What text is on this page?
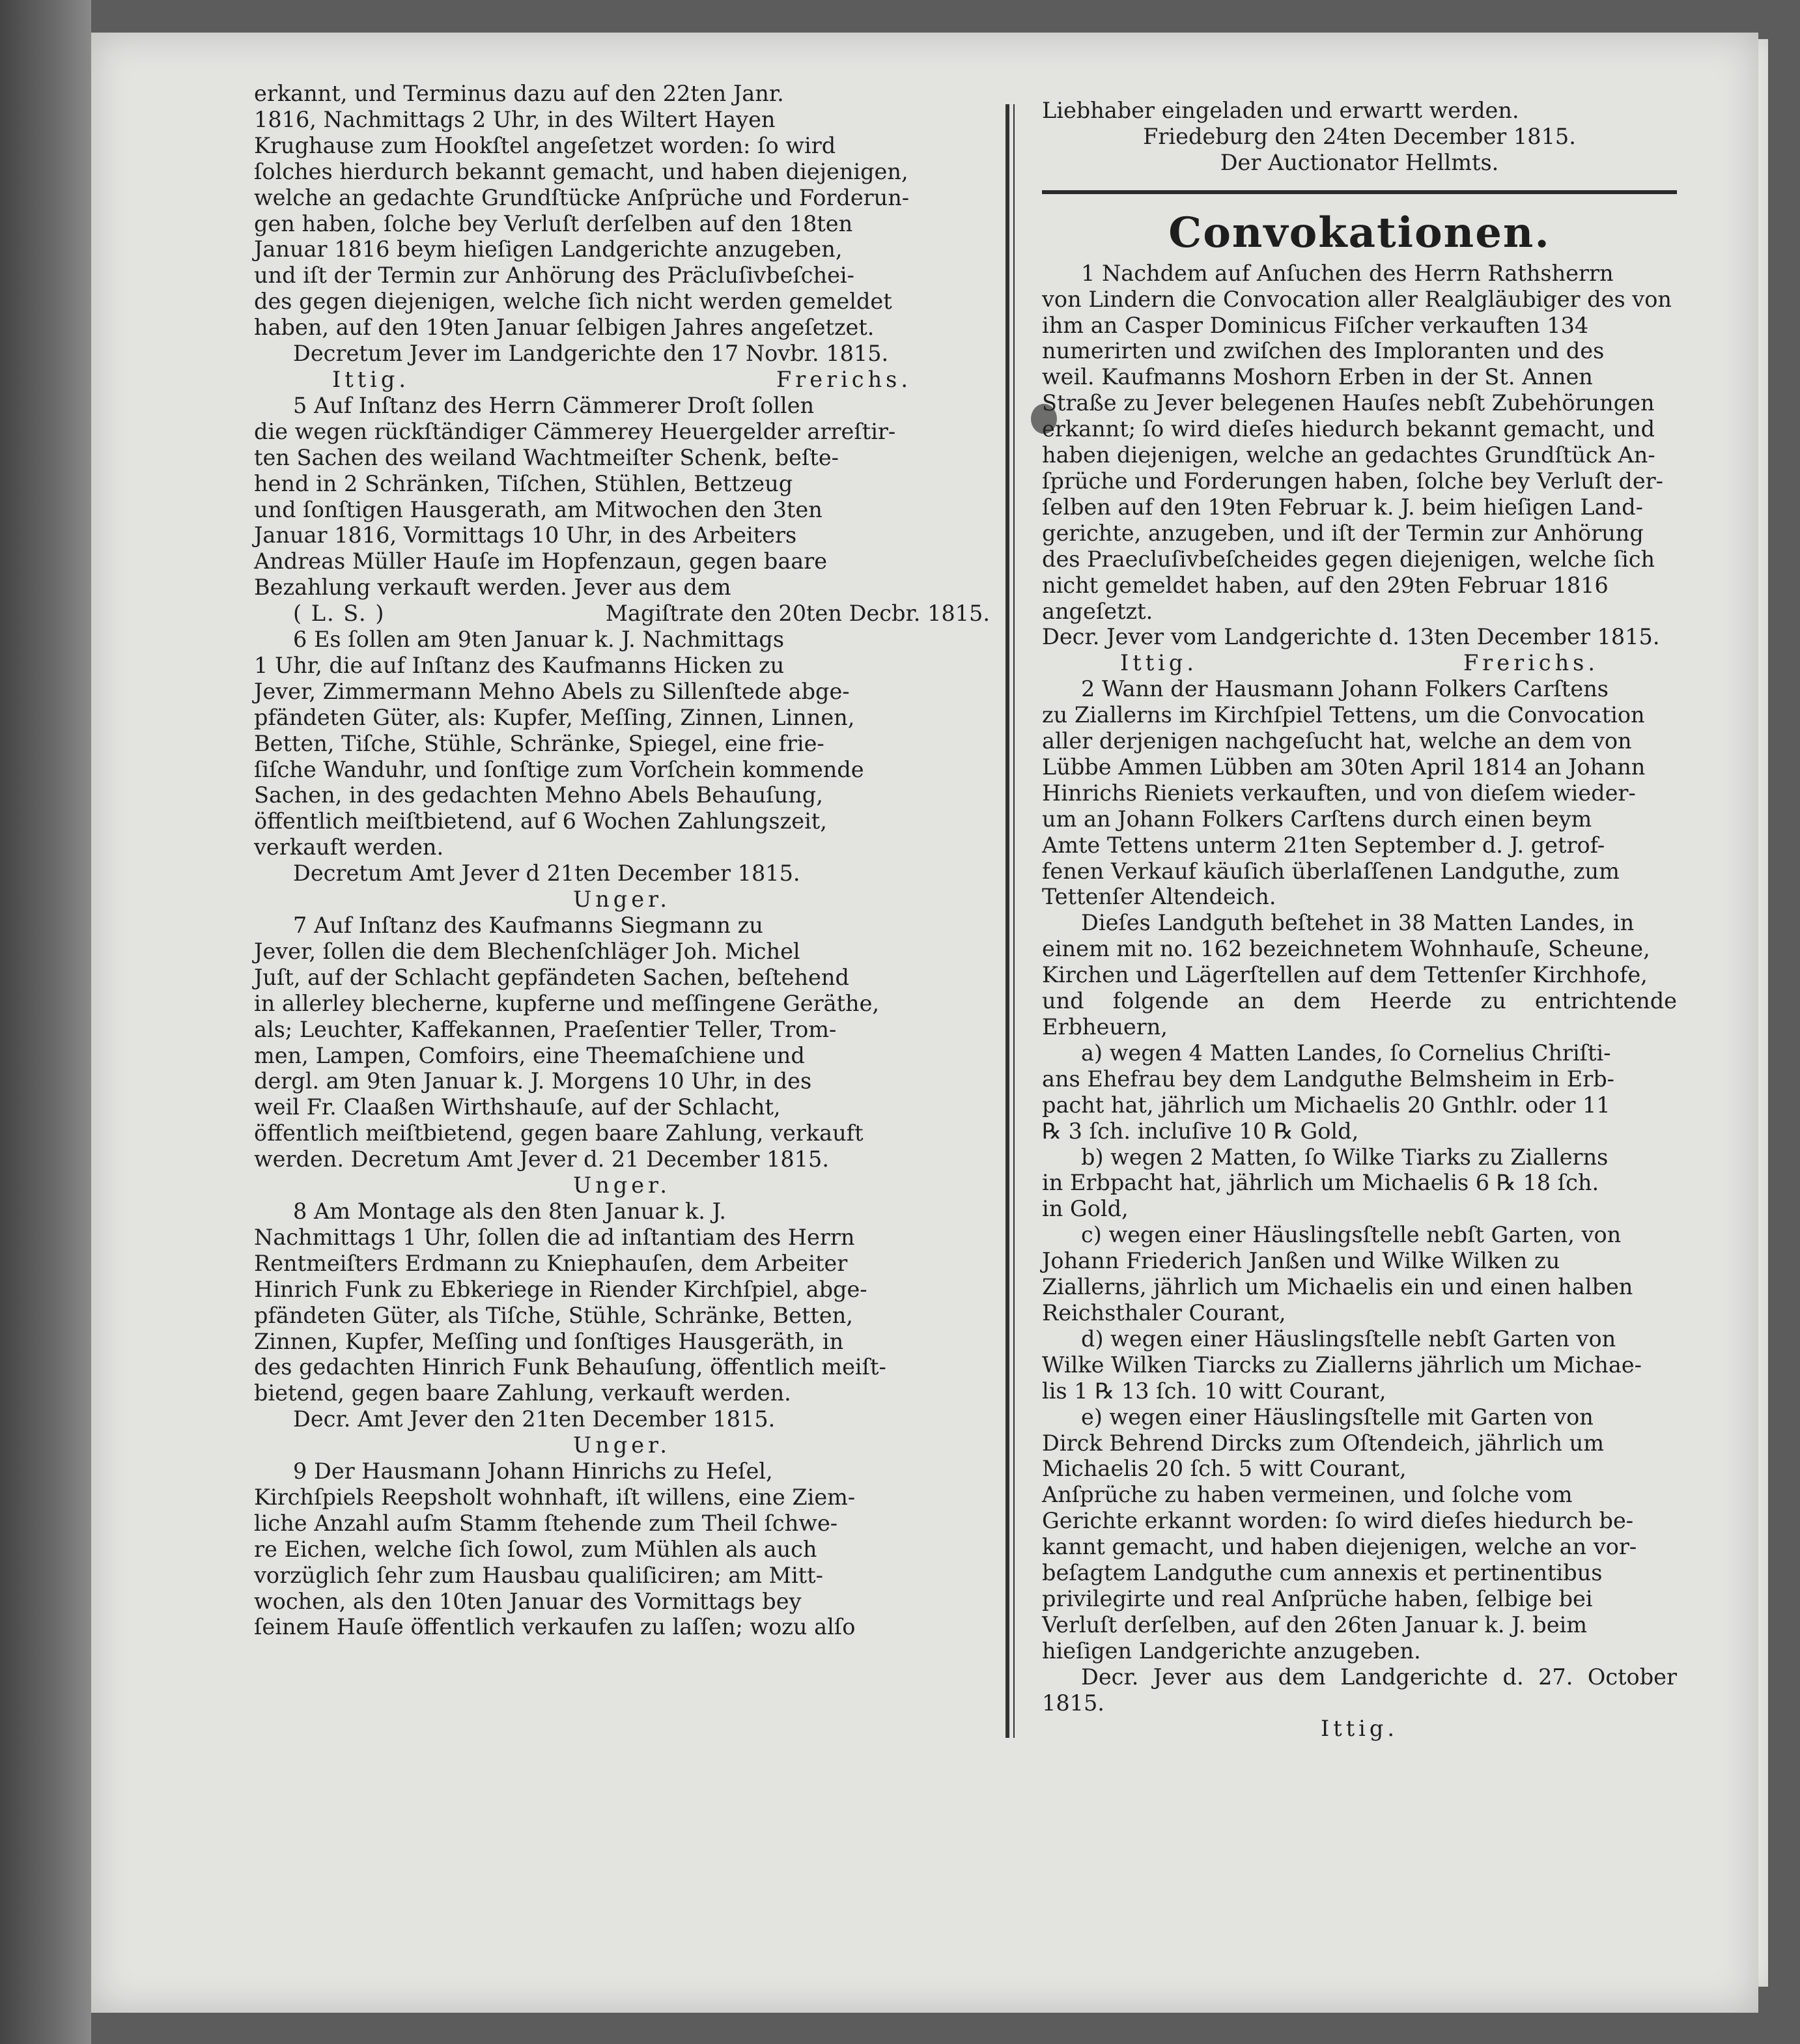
erkannt, und Terminus dazu auf den 22ten Janr.

1816, Nachmittags 2 Uhr, in des Wiltert Hayen

Krughause zum Hookſtel angeſetzet worden: ſo wird

ſolches hierdurch bekannt gemacht, und haben diejenigen,

welche an gedachte Grundſtücke Anſprüche und Forderun-

gen haben, ſolche bey Verluſt derſelben auf den 18ten

Januar 1816 beym hieſigen Landgerichte anzugeben,

und iſt der Termin zur Anhörung des Präcluſivbeſchei-

des gegen diejenigen, welche ſich nicht werden gemeldet

haben, auf den 19ten Januar ſelbigen Jahres angeſetzet.

Decretum Jever im Landgerichte den 17 Novbr. 1815.

Ittig.	Frerichs.

5 Auf Inſtanz des Herrn Cämmerer Droſt ſollen

die wegen rückſtändiger Cämmerey Heuergelder arreſtir-

ten Sachen des weiland Wachtmeiſter Schenk, beſte-

hend in 2 Schränken, Tiſchen, Stühlen, Bettzeug

und ſonſtigen Hausgerath, am Mitwochen den 3ten

Januar 1816, Vormittags 10 Uhr, in des Arbeiters

Andreas Müller Hauſe im Hopfenzaun, gegen baare

Bezahlung verkauft werden. Jever aus dem

( L. S. )	Magiſtrate den 20ten Decbr. 1815.

6 Es ſollen am 9ten Januar k. J. Nachmittags

1 Uhr, die auf Inſtanz des Kaufmanns Hicken zu

Jever, Zimmermann Mehno Abels zu Sillenſtede abge-

pfändeten Güter, als: Kupfer, Meſſing, Zinnen, Linnen,

Betten, Tiſche, Stühle, Schränke, Spiegel, eine frie-

ſiſche Wanduhr, und ſonſtige zum Vorſchein kommende

Sachen, in des gedachten Mehno Abels Behauſung,

öffentlich meiſtbietend, auf 6 Wochen Zahlungszeit,

verkauft werden.

Decretum Amt Jever d 21ten December 1815.

Unger.

7 Auf Inſtanz des Kaufmanns Siegmann zu

Jever, ſollen die dem Blechenſchläger Joh. Michel

Juſt, auf der Schlacht gepfändeten Sachen, beſtehend

in allerley blecherne, kupferne und meſſingene Geräthe,

als; Leuchter, Kaffekannen, Praeſentier Teller, Trom-

men, Lampen, Comfoirs, eine Theemaſchiene und

dergl. am 9ten Januar k. J. Morgens 10 Uhr, in des

weil Fr. Claaßen Wirthshauſe, auf der Schlacht,

öffentlich meiſtbietend, gegen baare Zahlung, verkauft

werden. Decretum Amt Jever d. 21 December 1815.

Unger.

8 Am Montage als den 8ten Januar k. J.

Nachmittags 1 Uhr, ſollen die ad inſtantiam des Herrn

Rentmeiſters Erdmann zu Kniephauſen, dem Arbeiter

Hinrich Funk zu Ebkeriege in Riender Kirchſpiel, abge-

pfändeten Güter, als Tiſche, Stühle, Schränke, Betten,

Zinnen, Kupfer, Meſſing und ſonſtiges Hausgeräth, in

des gedachten Hinrich Funk Behauſung, öffentlich meiſt-

bietend, gegen baare Zahlung, verkauft werden.

Decr. Amt Jever den 21ten December 1815.

Unger.

9 Der Hausmann Johann Hinrichs zu Heſel,

Kirchſpiels Reepsholt wohnhaft, iſt willens, eine Ziem-

liche Anzahl auſm Stamm ſtehende zum Theil ſchwe-

re Eichen, welche ſich ſowol, zum Mühlen als auch

vorzüglich ſehr zum Hausbau qualiſiciren; am Mitt-

wochen, als den 10ten Januar des Vormittags bey

ſeinem Hauſe öffentlich verkaufen zu laſſen; wozu alſo

Liebhaber eingeladen und erwartt werden.

Friedeburg den 24ten December 1815.

Der Auctionator Hellmts.

Convokationen.

1 Nachdem auf Anſuchen des Herrn Rathsherrn

von Lindern die Convocation aller Realgläubiger des von

ihm an Casper Dominicus Fiſcher verkauften 134

numerirten und zwiſchen des Imploranten und des

weil. Kaufmanns Moshorn Erben in der St. Annen

Straße zu Jever belegenen Hauſes nebſt Zubehörungen

erkannt; ſo wird dieſes hiedurch bekannt gemacht, und

haben diejenigen, welche an gedachtes Grundſtück An-

ſprüche und Forderungen haben, ſolche bey Verluſt der-

ſelben auf den 19ten Februar k. J. beim hieſigen Land-

gerichte, anzugeben, und iſt der Termin zur Anhörung

des Praecluſivbeſcheides gegen diejenigen, welche ſich

nicht gemeldet haben, auf den 29ten Februar 1816

angeſetzt.

Decr. Jever vom Landgerichte d. 13ten December 1815.

Ittig.	Frerichs.

2 Wann der Hausmann Johann Folkers Carſtens

zu Ziallerns im Kirchſpiel Tettens, um die Convocation

aller derjenigen nachgeſucht hat, welche an dem von

Lübbe Ammen Lübben am 30ten April 1814 an Johann

Hinrichs Rieniets verkauften, und von dieſem wieder-

um an Johann Folkers Carſtens durch einen beym

Amte Tettens unterm 21ten September d. J. getrof-

fenen Verkauf käuſich überlaſſenen Landguthe, zum

Tettenſer Altendeich.

Dieſes Landguth beſtehet in 38 Matten Landes, in

einem mit no. 162 bezeichnetem Wohnhauſe, Scheune,

Kirchen und Lägerſtellen auf dem Tettenſer Kirchhofe,

und folgende an dem Heerde zu entrichtende Erbheuern,

a) wegen 4 Matten Landes, ſo Cornelius Chriſti-

ans Ehefrau bey dem Landguthe Belmsheim in Erb-

pacht hat, jährlich um Michaelis 20 Gnthlr. oder 11

℞ 3 ſch. incluſive 10 ℞ Gold,

b) wegen 2 Matten, ſo Wilke Tiarks zu Ziallerns

in Erbpacht hat, jährlich um Michaelis 6 ℞ 18 ſch.

in Gold,

c) wegen einer Häuslingsſtelle nebſt Garten, von

Johann Friederich Janßen und Wilke Wilken zu

Ziallerns, jährlich um Michaelis ein und einen halben

Reichsthaler Courant,

d) wegen einer Häuslingsſtelle nebſt Garten von

Wilke Wilken Tiarcks zu Ziallerns jährlich um Michae-

lis 1 ℞ 13 ſch. 10 witt Courant,

e) wegen einer Häuslingsſtelle mit Garten von

Dirck Behrend Dircks zum Oſtendeich, jährlich um

Michaelis 20 ſch. 5 witt Courant,

Anſprüche zu haben vermeinen, und ſolche vom

Gerichte erkannt worden: ſo wird dieſes hiedurch be-

kannt gemacht, und haben diejenigen, welche an vor-

beſagtem Landguthe cum annexis et pertinentibus

privilegirte und real Anſprüche haben, ſelbige bei

Verluſt derſelben, auf den 26ten Januar k. J. beim

hieſigen Landgerichte anzugeben.

Decr. Jever aus dem Landgerichte d. 27. October 1815.

Ittig.
